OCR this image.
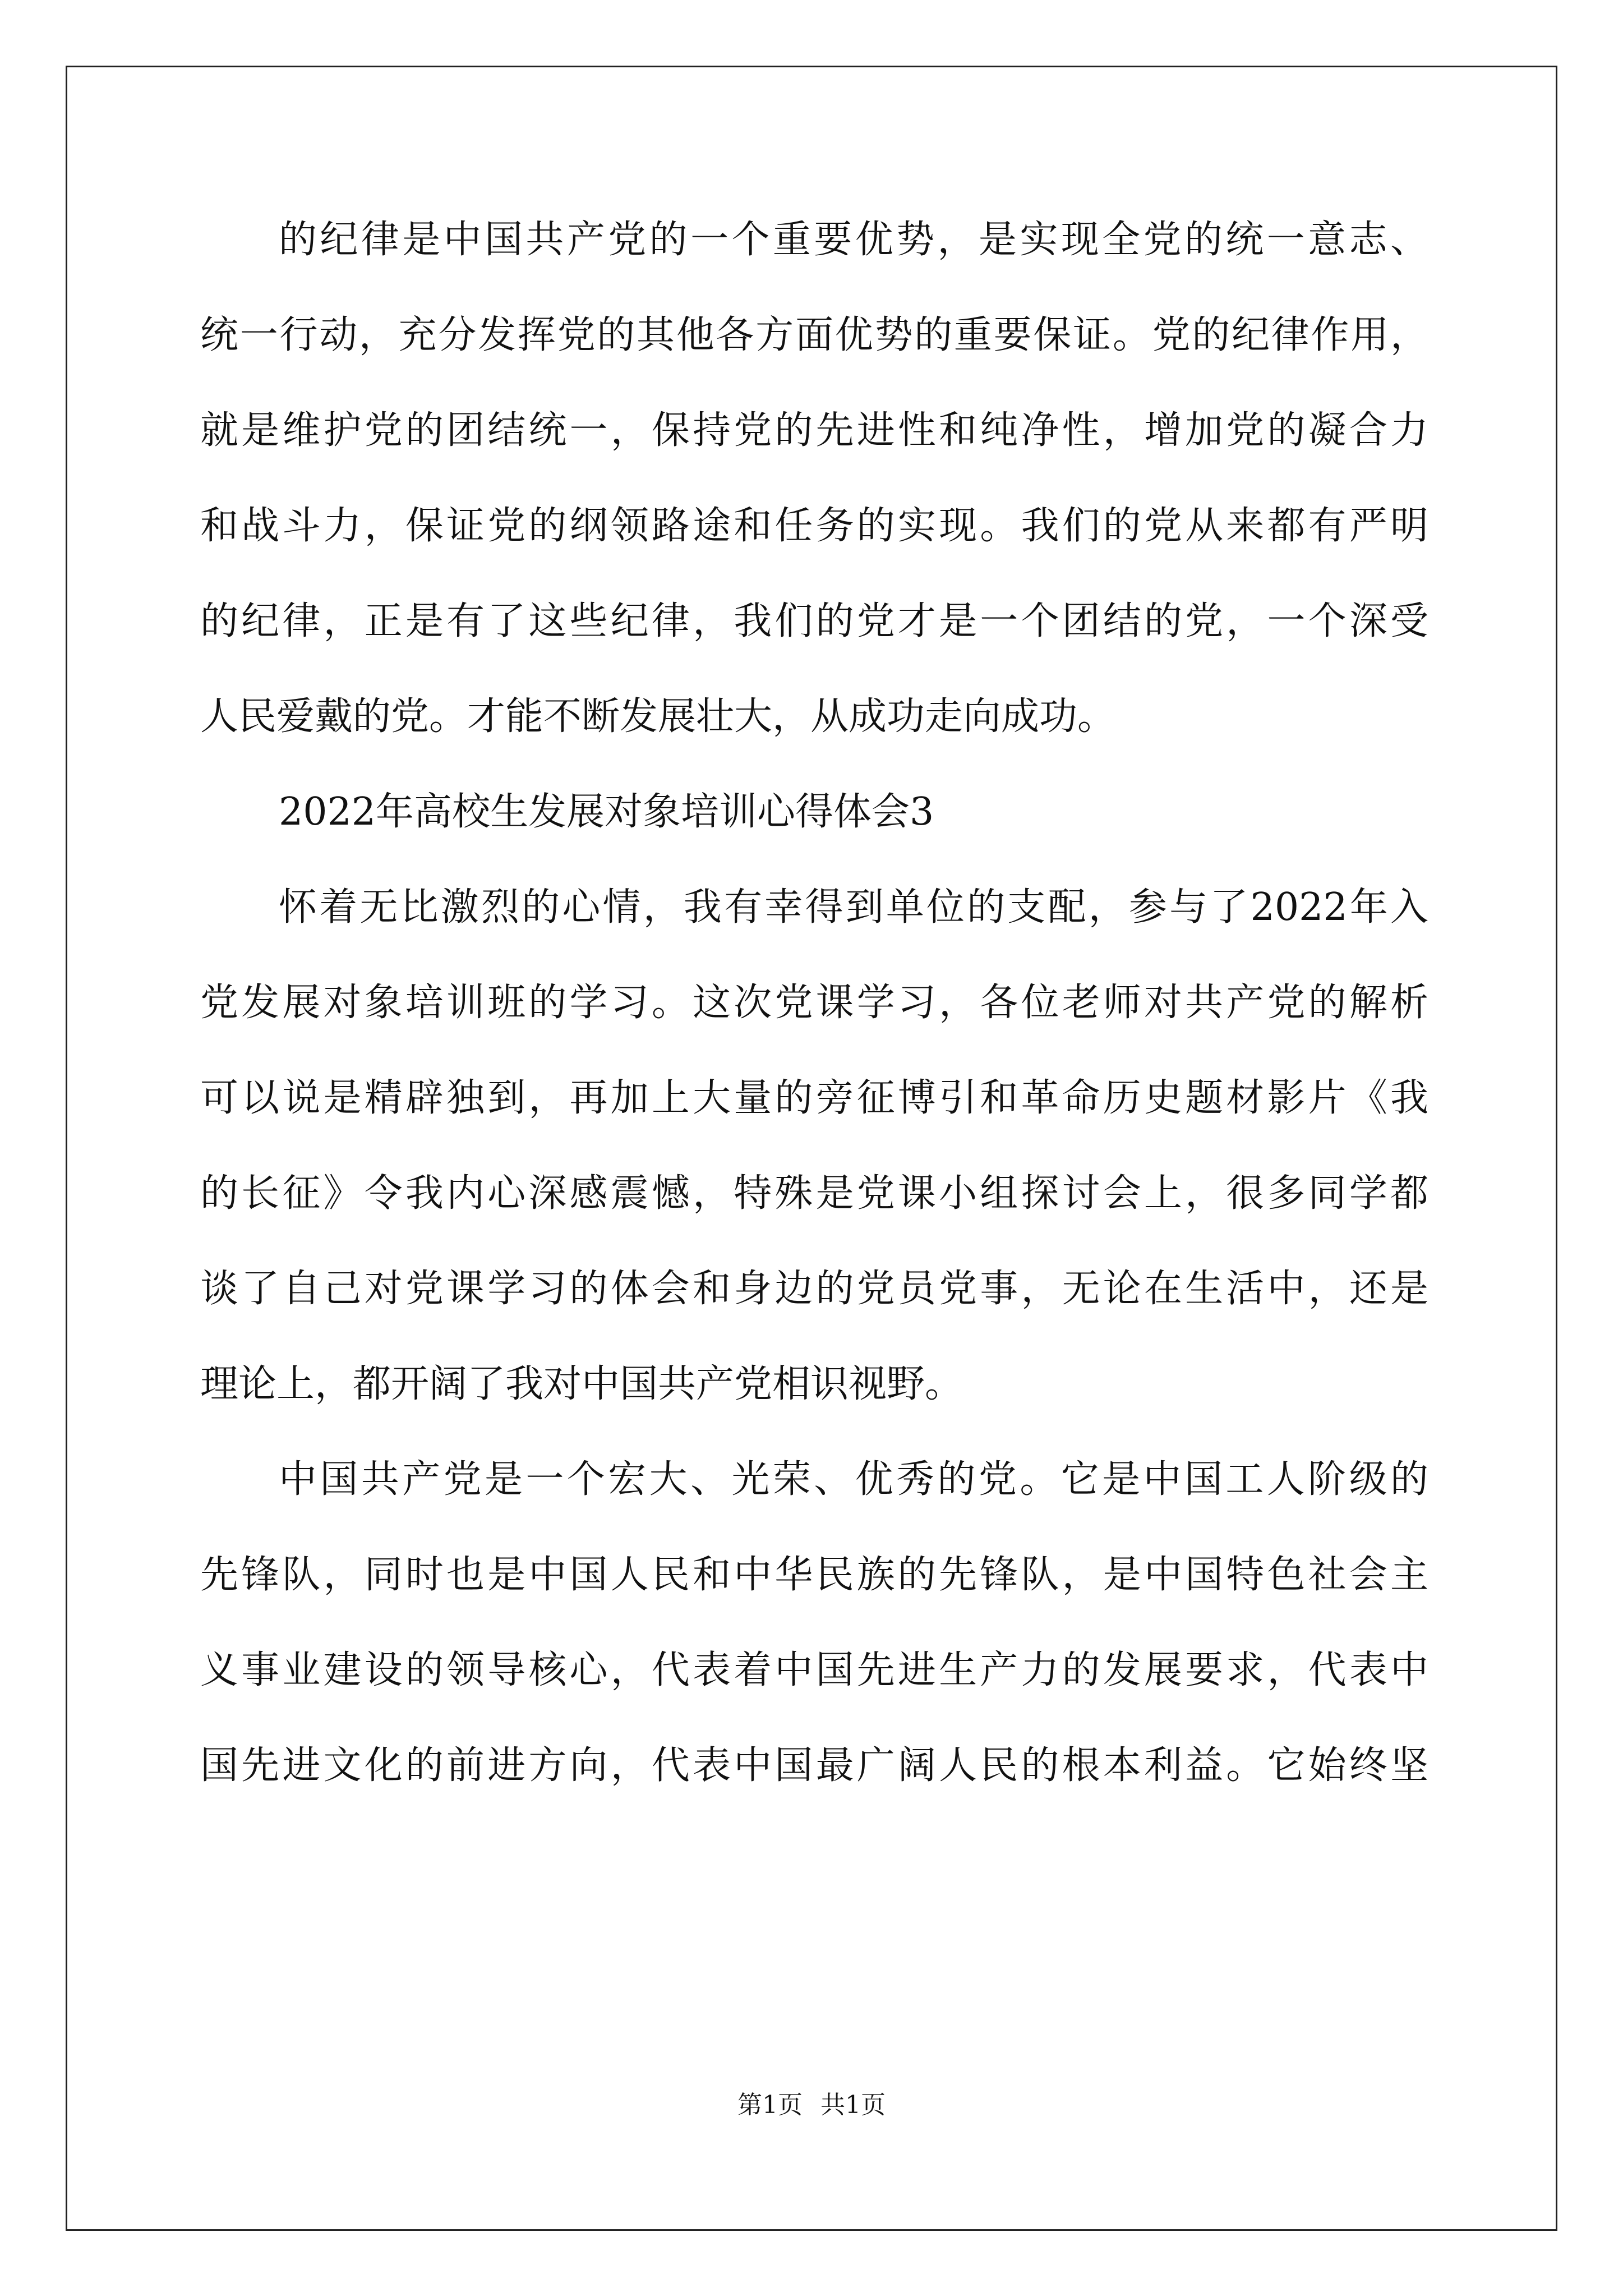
的纪律是中国共产党的一个重要优势，是实现全党的统一意志、
统一行动，充分发挥党的其他各方面优势的重要保证。党的纪律作用，
就是维护党的团结统一，保持党的先进性和纯净性，增加党的凝合力
和战斗力，保证党的纲领路途和任务的实现。我们的党从来都有严明
的纪律，正是有了这些纪律，我们的党才是一个团结的党，一个深受
人民爱戴的党。才能不断发展壮大，从成功走向成功。
2022年高校生发展对象培训心得体会3
怀着无比激烈的心情，我有幸得到单位的支配，参与了2022年入
党发展对象培训班的学习。这次党课学习，各位老师对共产党的解析
可以说是精辟独到，再加上大量的旁征博引和革命历史题材影片《我
的长征》令我内心深感震憾，特殊是党课小组探讨会上，很多同学都
谈了自己对党课学习的体会和身边的党员党事，无论在生活中，还是
理论上，都开阔了我对中国共产党相识视野。
中国共产党是一个宏大、光荣、优秀的党。它是中国工人阶级的
先锋队，同时也是中国人民和中华民族的先锋队，是中国特色社会主
义事业建设的领导核心，代表着中国先进生产力的发展要求，代表中
国先进文化的前进方向，代表中国最广阔人民的根本利益。它始终坚
第1页 共1页
